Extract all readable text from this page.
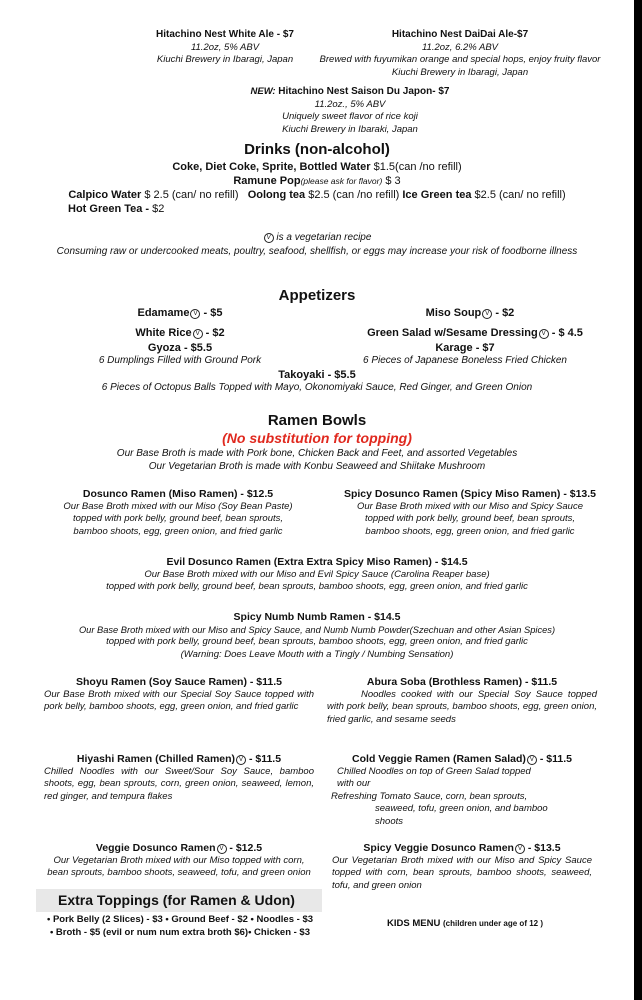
Hitachino Nest White Ale - $7
11.2oz, 5% ABV
Kiuchi Brewery in Ibaragi, Japan
Hitachino Nest DaiDai Ale-$7
11.2oz, 6.2% ABV
Brewed with fuyumikan orange and special hops, enjoy fruity flavor
Kiuchi Brewery in Ibaragi, Japan
NEW: Hitachino Nest Saison Du Japon- $7
11.2oz., 5% ABV
Uniquely sweet flavor of rice koji
Kiuchi Brewery in Ibaraki, Japan
Drinks (non-alcohol)
Coke, Diet Coke, Sprite, Bottled Water $1.5(can /no refill)
Ramune Pop(please ask for flavor) $ 3
Calpico Water $ 2.5 (can/ no refill) Oolong tea $2.5 (can /no refill) Ice Green tea $2.5 (can/ no refill)
Hot Green Tea - $2
V is a vegetarian recipe
Consuming raw or undercooked meats, poultry, seafood, shellfish, or eggs may increase your risk of foodborne illness
Appetizers
Edamame V - $5	Miso Soup V - $2
White Rice V - $2	Green Salad w/Sesame Dressing V - $ 4.5
Gyoza - $5.5
6 Dumplings Filled with Ground Pork
Karage - $7
6 Pieces of Japanese Boneless Fried Chicken
Takoyaki - $5.5
6 Pieces of Octopus Balls Topped with Mayo, Okonomiyaki Sauce, Red Ginger, and Green Onion
Ramen Bowls
(No substitution for topping)
Our Base Broth is made with Pork bone, Chicken Back and Feet, and assorted Vegetables
Our Vegetarian Broth is made with Konbu Seaweed and Shiitake Mushroom
Dosunco Ramen (Miso Ramen) - $12.5
Our Base Broth mixed with our Miso (Soy Bean Paste)
topped with pork belly, ground beef, bean sprouts,
bamboo shoots, egg, green onion, and fried garlic
Spicy Dosunco Ramen (Spicy Miso Ramen) - $13.5
Our Base Broth mixed with our Miso and Spicy Sauce
topped with pork belly, ground beef, bean sprouts,
bamboo shoots, egg, green onion, and fried garlic
Evil Dosunco Ramen (Extra Extra Spicy Miso Ramen) - $14.5
Our Base Broth mixed with our Miso and Evil Spicy Sauce (Carolina Reaper base)
topped with pork belly, ground beef, bean sprouts, bamboo shoots, egg, green onion, and fried garlic
Spicy Numb Numb Ramen - $14.5
Our Base Broth mixed with our Miso and Spicy Sauce, and Numb Numb Powder(Szechuan and other Asian Spices)
topped with pork belly, ground beef, bean sprouts, bamboo shoots, egg, green onion, and fried garlic
(Warning: Does Leave Mouth with a Tingly / Numbing Sensation)
Shoyu Ramen (Soy Sauce Ramen) - $11.5
Our Base Broth mixed with our Special Soy Sauce topped with pork belly, bamboo shoots, egg, green onion, and fried garlic
Abura Soba (Brothless Ramen) - $11.5
Noodles cooked with our Special Soy Sauce topped with pork belly, bean sprouts, bamboo shoots, egg, green onion, fried garlic, and sesame seeds
Hiyashi Ramen (Chilled Ramen) V - $11.5
Chilled Noodles with our Sweet/Sour Soy Sauce, bamboo shoots, egg, bean sprouts, corn, green onion, seaweed, lemon, red ginger, and tempura flakes
Cold Veggie Ramen (Ramen Salad) V - $11.5
Chilled Noodles on top of Green Salad topped
with our
Refreshing Tomato Sauce, corn, bean sprouts,
seaweed, tofu, green onion, and bamboo
shoots
Veggie Dosunco Ramen V - $12.5
Our Vegetarian Broth mixed with our Miso topped with corn, bean sprouts, bamboo shoots, seaweed, tofu, and green onion
Spicy Veggie Dosunco Ramen V - $13.5
Our Vegetarian Broth mixed with our Miso and Spicy Sauce topped with corn, bean sprouts, bamboo shoots, seaweed, tofu, and green onion
Extra Toppings (for Ramen & Udon)
• Pork Belly (2 Slices) - $3 • Ground Beef - $2 • Noodles - $3
• Broth - $5 (evil or num num extra broth $6)• Chicken - $3
KIDS MENU (children under age of 12 )
